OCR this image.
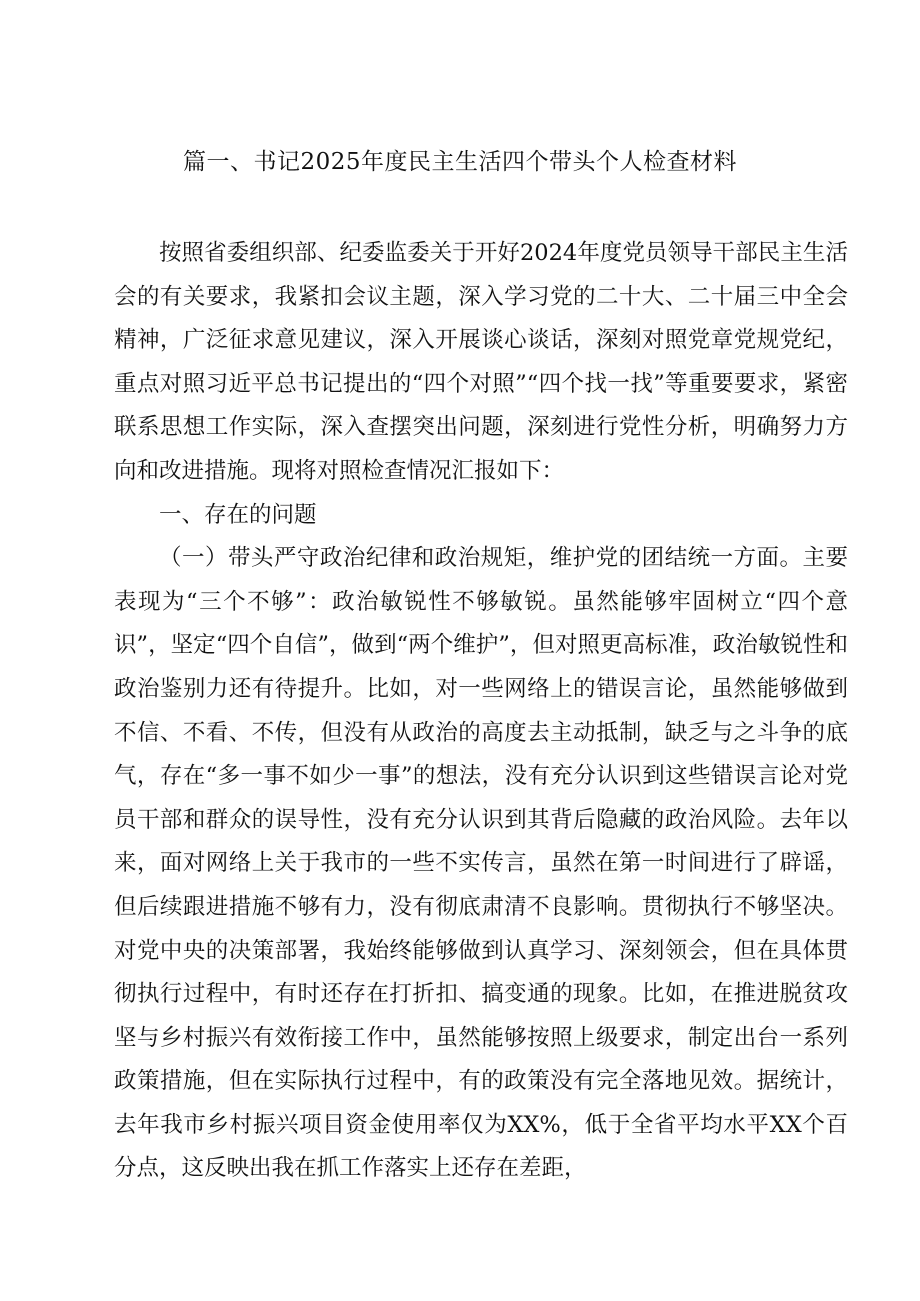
篇一、书记2025年度民主生活四个带头个人检查材料

按照省委组织部、纪委监委关于开好2024年度党员领导干部民主生活会的有关要求，我紧扣会议主题，深入学习党的二十大、二十届三中全会精神，广泛征求意见建议，深入开展谈心谈话，深刻对照党章党规党纪，重点对照习近平总书记提出的“四个对照”“四个找一找”等重要要求，紧密联系思想工作实际，深入查摆突出问题，深刻进行党性分析，明确努力方向和改进措施。现将对照检查情况汇报如下：

一、存在的问题

（一）带头严守政治纪律和政治规矩，维护党的团结统一方面。主要表现为“三个不够”：政治敏锐性不够敏锐。虽然能够牢固树立“四个意识”，坚定“四个自信”，做到“两个维护”，但对照更高标准，政治敏锐性和政治鉴别力还有待提升。比如，对一些网络上的错误言论，虽然能够做到不信、不看、不传，但没有从政治的高度去主动抵制，缺乏与之斗争的底气，存在“多一事不如少一事”的想法，没有充分认识到这些错误言论对党员干部和群众的误导性，没有充分认识到其背后隐藏的政治风险。去年以来，面对网络上关于我市的一些不实传言，虽然在第一时间进行了辟谣，但后续跟进措施不够有力，没有彻底肃清不良影响。贯彻执行不够坚决。对党中央的决策部署，我始终能够做到认真学习、深刻领会，但在具体贯彻执行过程中，有时还存在打折扣、搞变通的现象。比如，在推进脱贫攻坚与乡村振兴有效衔接工作中，虽然能够按照上级要求，制定出台一系列政策措施，但在实际执行过程中，有的政策没有完全落地见效。据统计，去年我市乡村振兴项目资金使用率仅为XX%，低于全省平均水平XX个百分点，这反映出我在抓工作落实上还存在差距，
